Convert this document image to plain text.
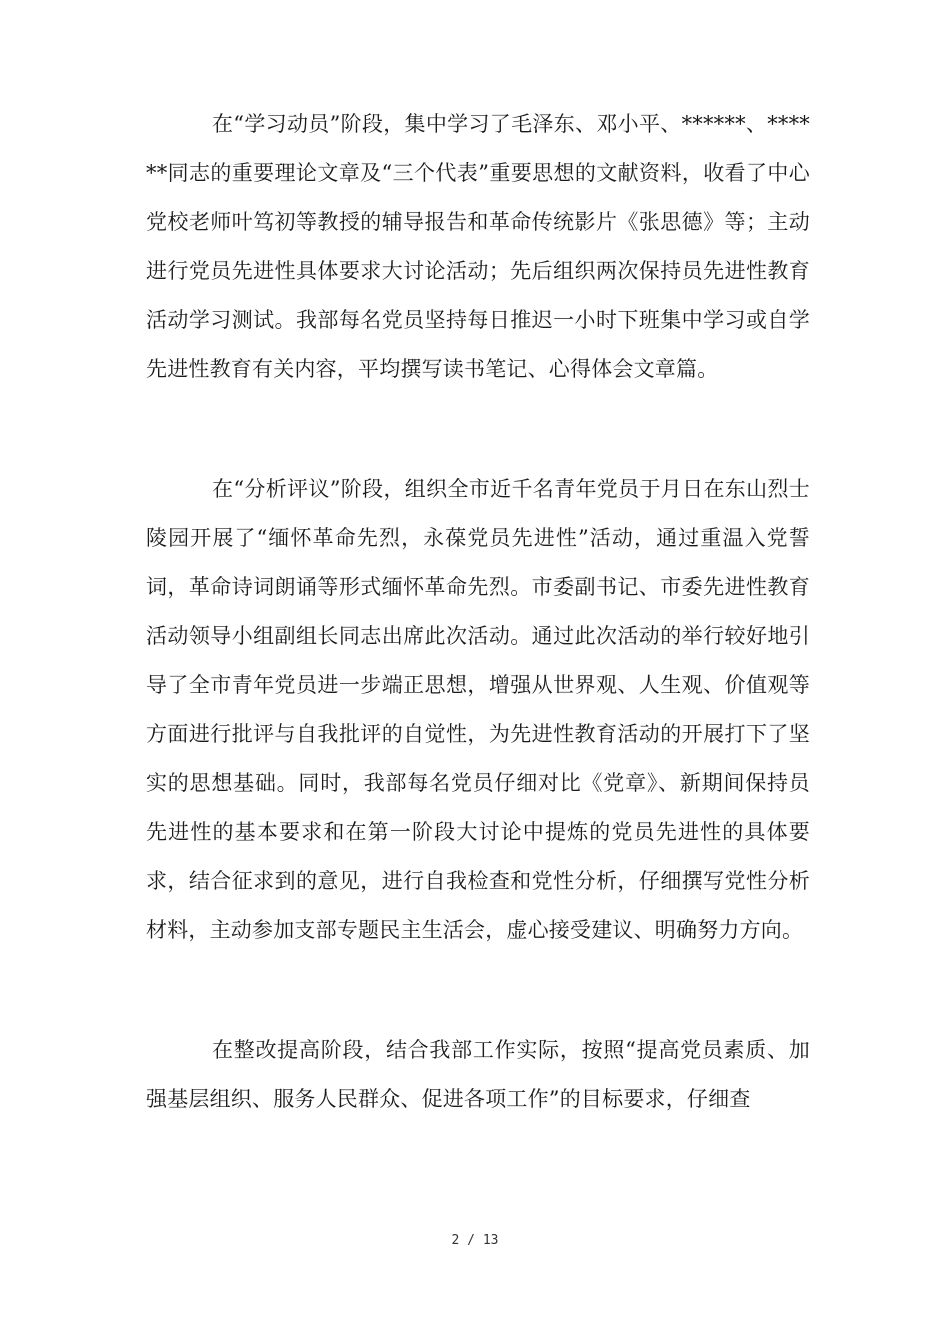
在“学习动员”阶段，集中学习了毛泽东、邓小平、******、******同志的重要理论文章及“三个代表”重要思想的文献资料，收看了中心党校老师叶笃初等教授的辅导报告和革命传统影片《张思德》等；主动进行党员先进性具体要求大讨论活动；先后组织两次保持员先进性教育活动学习测试。我部每名党员坚持每日推迟一小时下班集中学习或自学先进性教育有关内容，平均撰写读书笔记、心得体会文章篇。

在“分析评议”阶段，组织全市近千名青年党员于月日在东山烈士陵园开展了“缅怀革命先烈，永葆党员先进性”活动，通过重温入党誓词，革命诗词朗诵等形式缅怀革命先烈。市委副书记、市委先进性教育活动领导小组副组长同志出席此次活动。通过此次活动的举行较好地引导了全市青年党员进一步端正思想，增强从世界观、人生观、价值观等方面进行批评与自我批评的自觉性，为先进性教育活动的开展打下了坚实的思想基础。同时，我部每名党员仔细对比《党章》、新期间保持员先进性的基本要求和在第一阶段大讨论中提炼的党员先进性的具体要求，结合征求到的意见，进行自我检查和党性分析，仔细撰写党性分析材料，主动参加支部专题民主生活会，虚心接受建议、明确努力方向。

在整改提高阶段，结合我部工作实际，按照“提高党员素质、加强基层组织、服务人民群众、促进各项工作”的目标要求，仔细查

2 / 13
